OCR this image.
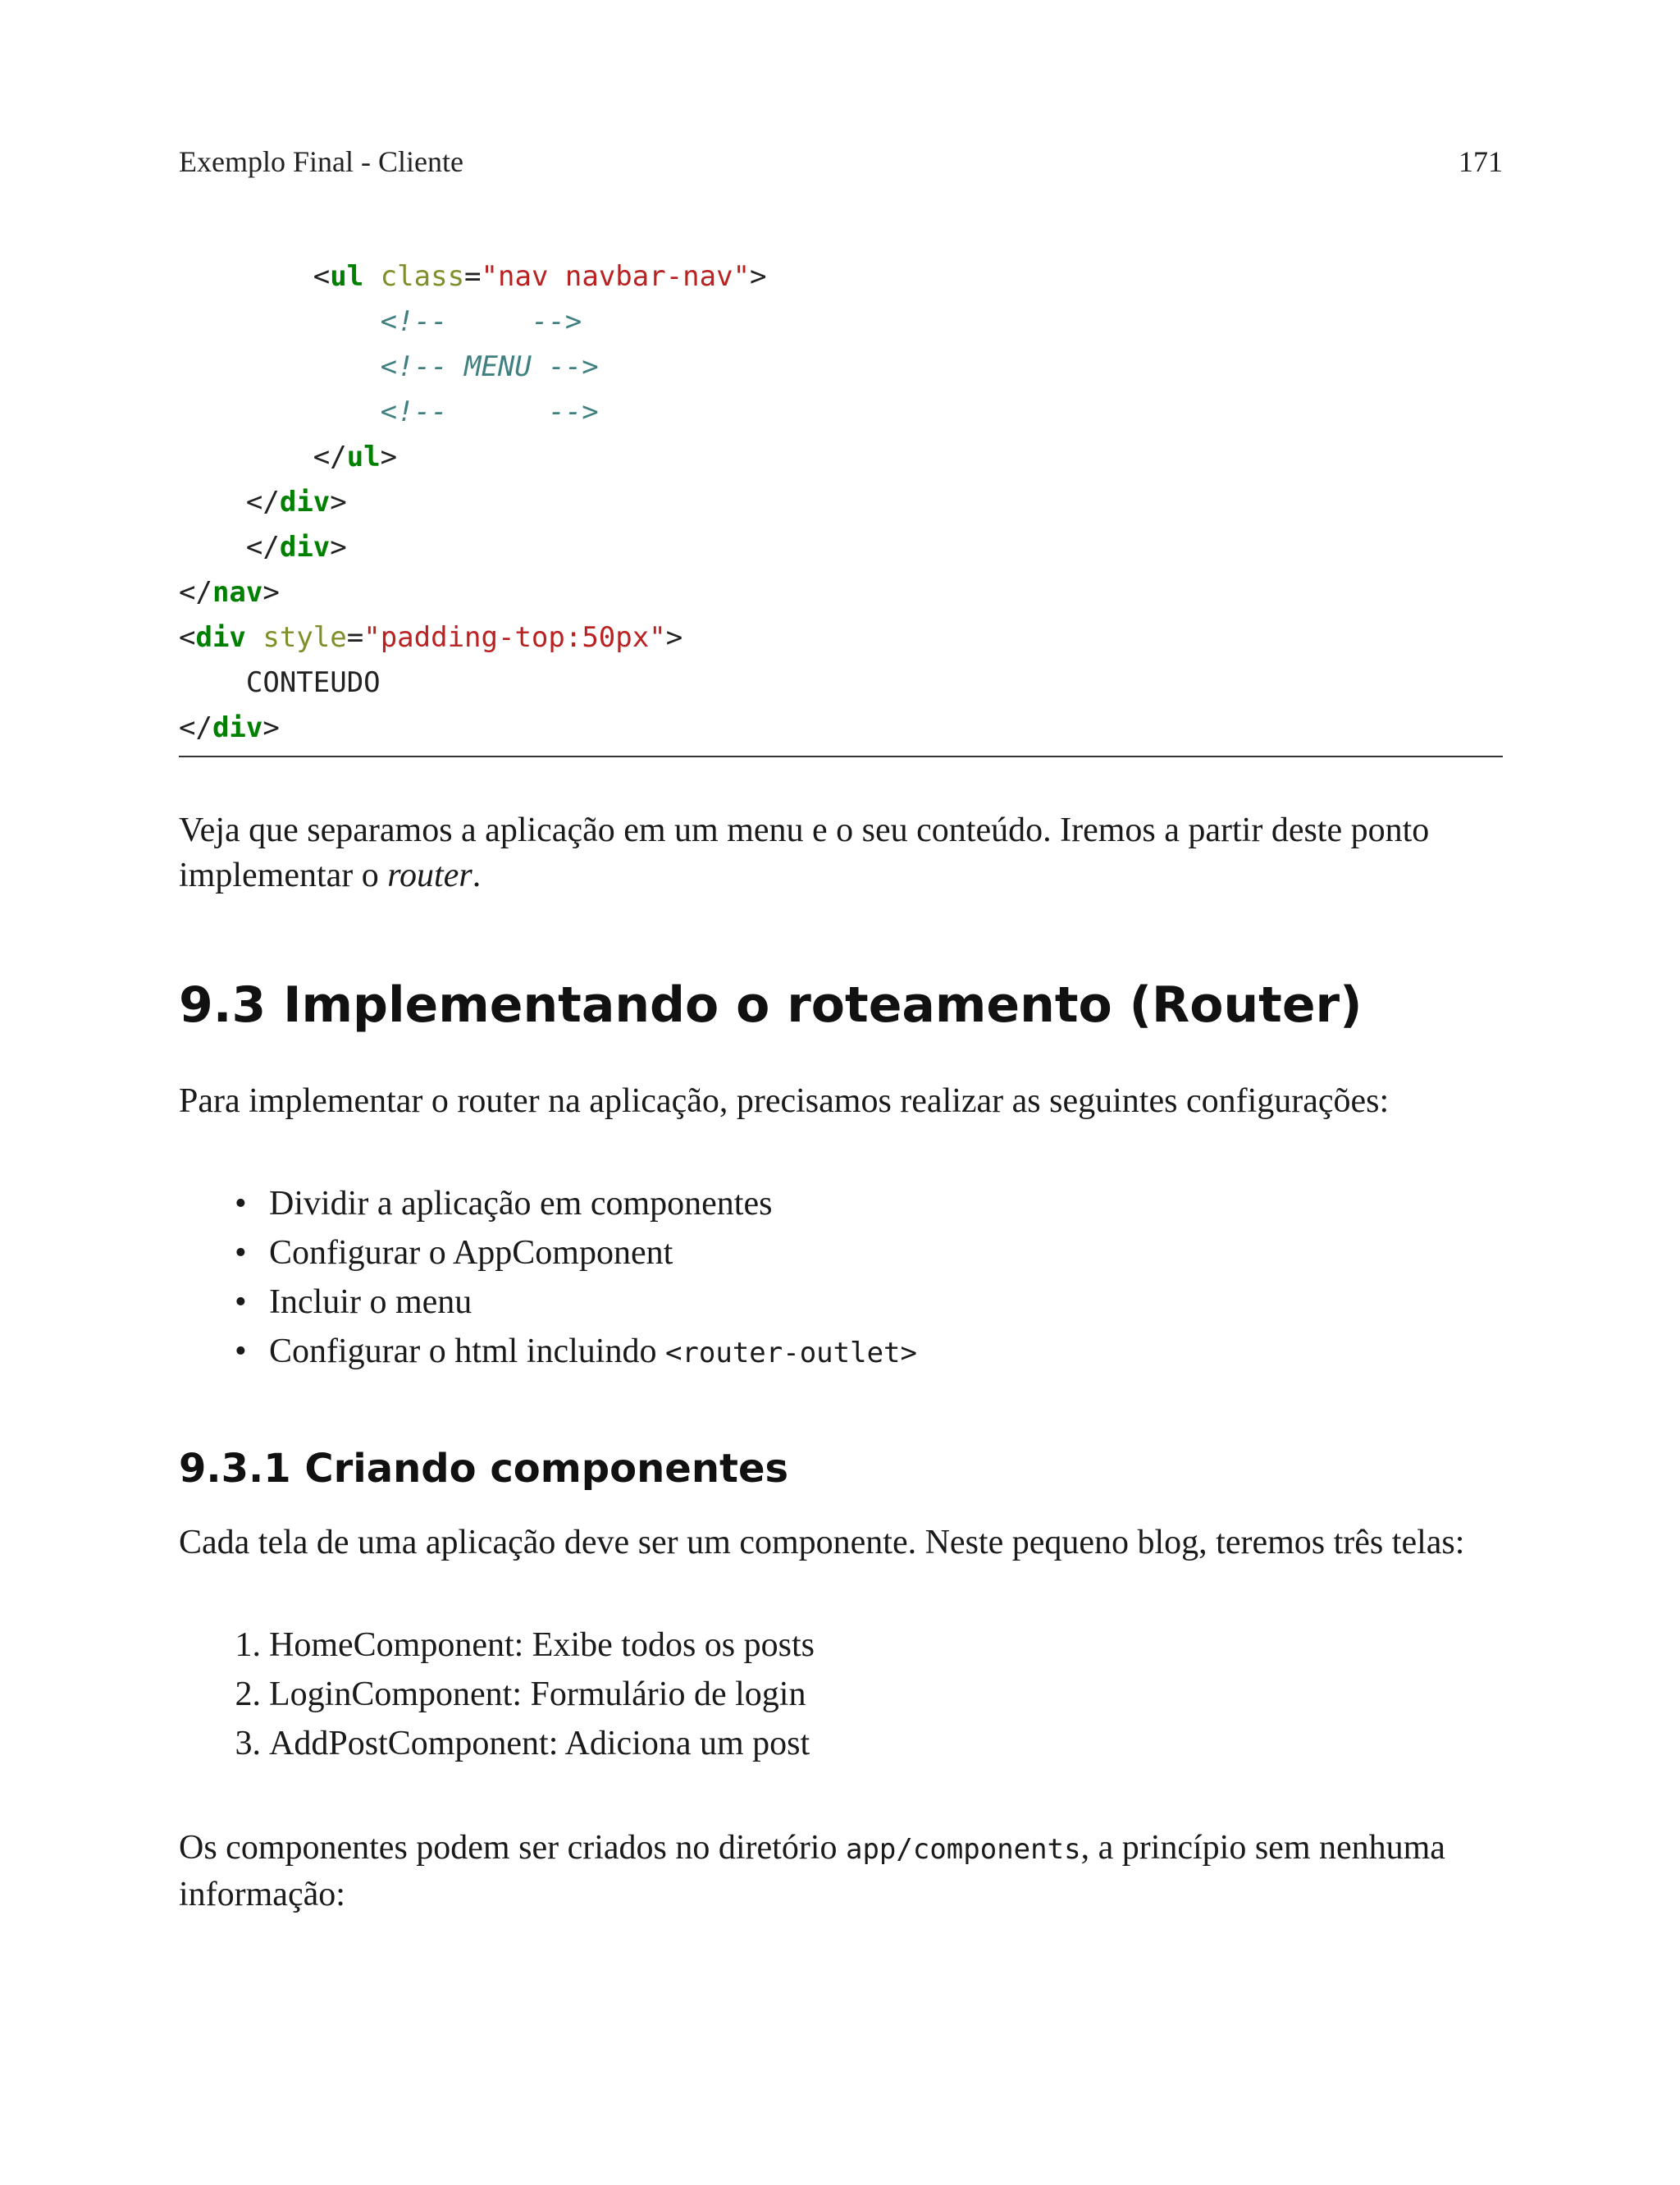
Exemplo Final - Cliente	171
<ul class="nav navbar-nav">
<!--     -->
<!-- MENU -->
<!--      -->
</ul>
</div>
</div>
</nav>
<div style="padding-top:50px">
CONTEUDO
</div>

Veja que separamos a aplicação em um menu e o seu conteúdo. Iremos a partir deste ponto implementar o router.

9.3 Implementando o roteamento (Router)

Para implementar o router na aplicação, precisamos realizar as seguintes configurações:

• Dividir a aplicação em componentes
• Configurar o AppComponent
• Incluir o menu
• Configurar o html incluindo <router-outlet>
9.3.1 Criando componentes

Cada tela de uma aplicação deve ser um componente. Neste pequeno blog, teremos três telas:

1. HomeComponent: Exibe todos os posts
2. LoginComponent: Formulário de login
3. AddPostComponent: Adiciona um post

Os componentes podem ser criados no diretório app/components, a princípio sem nenhuma informação:
